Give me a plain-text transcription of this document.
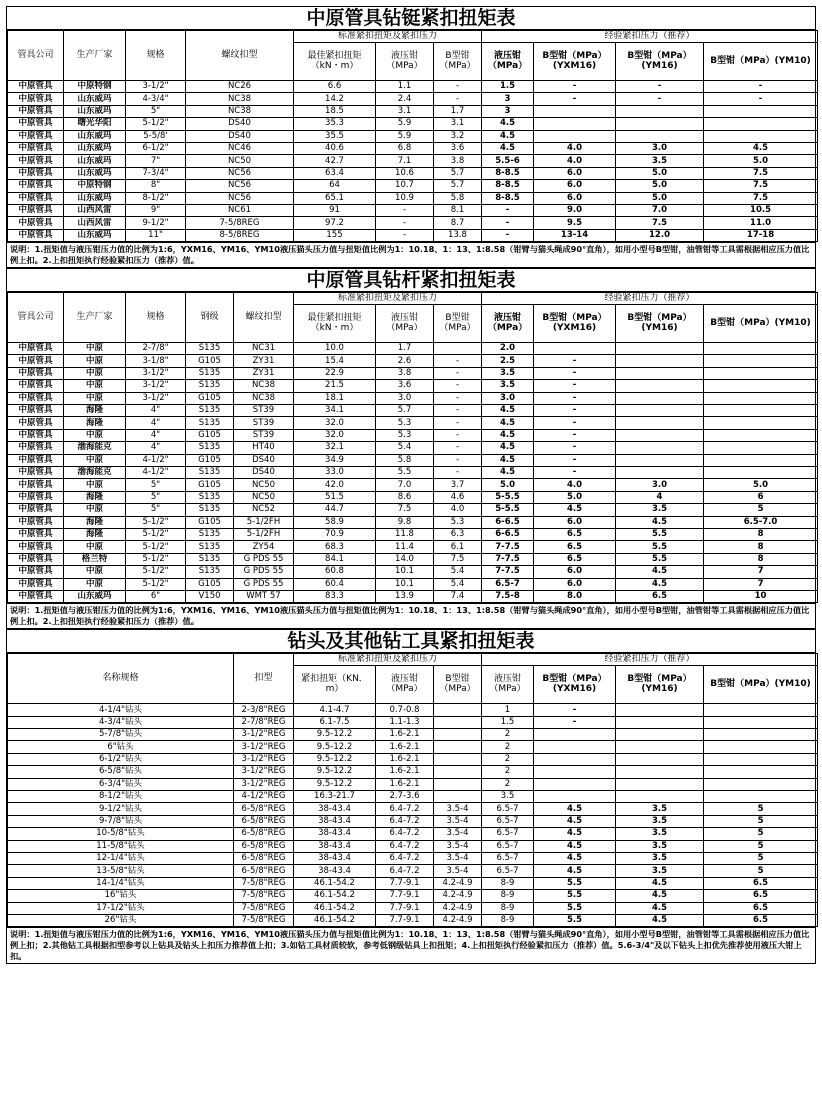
中原管具钻铤紧扣扭矩表
管具公司	生产厂家	规格	螺纹扣型	标准紧扣扭矩及紧扣压力			经验紧扣压力（推荐）			
				最佳紧扣扭矩（kN・m）	液压钳（MPa）	B型钳（MPa）	液压钳（MPa）	B型钳（MPa）(YXM16)	B型钳（MPa）(YM16)	B型钳（MPa）(YM10)
中原管具	中原特钢	3-1/2"	NC26	6.6	1.1	-	1.5	-	-	-
中原管具	山东威玛	4-3/4"	NC38	14.2	2.4	-	3	-	-	-
中原管具	山东威玛	5"	NC38	18.5	3.1	1.7	3			
中原管具	曙光华阳	5-1/2"	DS40	35.3	5.9	3.1	4.5			
中原管具	山东威玛	5-5/8'	DS40	35.5	5.9	3.2	4.5			
中原管具	山东威玛	6-1/2"	NC46	40.6	6.8	3.6	4.5	4.0	3.0	4.5
中原管具	山东威玛	7"	NC50	42.7	7.1	3.8	5.5-6	4.0	3.5	5.0
中原管具	山东威玛	7-3/4"	NC56	63.4	10.6	5.7	8-8.5	6.0	5.0	7.5
中原管具	中原特钢	8"	NC56	64	10.7	5.7	8-8.5	6.0	5.0	7.5
中原管具	山东威玛	8-1/2"	NC56	65.1	10.9	5.8	8-8.5	6.0	5.0	7.5
中原管具	山西风雷	9"	NC61	91	-	8.1	-	9.0	7.0	10.5
中原管具	山西风雷	9-1/2"	7-5/8REG	97.2	-	8.7	-	9.5	7.5	11.0
中原管具	山东威玛	11"	8-5/8REG	155	-	13.8	-	13-14	12.0	17-18
说明：1.扭矩值与液压钳压力值的比例为1:6，YXM16、YM16、YM10液压猫头压力值与扭矩值比例为1：10.18、1：13、1:8.58（钳臂与猫头绳成90°直角），如用小型号B型钳，油管钳等工具需根据相应压力值比例上扣。2.上扣扭矩执行经验紧扣压力（推荐）值。
中原管具钻杆紧扣扭矩表
管具公司	生产厂家	规格	钢级	螺纹扣型	标准紧扣扭矩及紧扣压力			经验紧扣压力（推荐）			
					最佳紧扣扭矩（kN・m）	液压钳（MPa）	B型钳（MPa）	液压钳（MPa）	B型钳（MPa）(YXM16)	B型钳（MPa）(YM16)	B型钳（MPa）(YM10)
中原管具	中原	2-7/8"	S135	NC31	10.0	1.7		2.0			
中原管具	中原	3-1/8"	G105	ZY31	15.4	2.6	-	2.5	-		
中原管具	中原	3-1/2"	S135	ZY31	22.9	3.8	-	3.5	-		
中原管具	中原	3-1/2"	S135	NC38	21.5	3.6	-	3.5	-		
中原管具	中原	3-1/2"	G105	NC38	18.1	3.0	-	3.0	-		
中原管具	海隆	4"	S135	ST39	34.1	5.7	-	4.5	-		
中原管具	海隆	4"	S135	ST39	32.0	5.3	-	4.5	-		
中原管具	中原	4"	G105	ST39	32.0	5.3	-	4.5	-		
中原管具	渤海能克	4"	S135	HT40	32.1	5.4	-	4.5	-		
中原管具	中原	4-1/2"	G105	DS40	34.9	5.8	-	4.5	-		
中原管具	渤海能克	4-1/2"	S135	DS40	33.0	5.5	-	4.5	-		
中原管具	中原	5"	G105	NC50	42.0	7.0	3.7	5.0	4.0	3.0	5.0
中原管具	海隆	5"	S135	NC50	51.5	8.6	4.6	5-5.5	5.0	4	6
中原管具	中原	5"	S135	NC52	44.7	7.5	4.0	5-5.5	4.5	3.5	5
中原管具	海隆	5-1/2"	G105	5-1/2FH	58.9	9.8	5.3	6-6.5	6.0	4.5	6.5-7.0
中原管具	海隆	5-1/2"	S135	5-1/2FH	70.9	11.8	6.3	6-6.5	6.5	5.5	8
中原管具	中原	5-1/2"	S135	ZY54	68.3	11.4	6.1	7-7.5	6.5	5.5	8
中原管具	格兰特	5-1/2"	S135	G PDS 55	84.1	14.0	7.5	7-7.5	6.5	5.5	8
中原管具	中原	5-1/2"	S135	G PDS 55	60.8	10.1	5.4	7-7.5	6.0	4.5	7
中原管具	中原	5-1/2"	G105	G PDS 55	60.4	10.1	5.4	6.5-7	6.0	4.5	7
中原管具	山东威玛	6"	V150	WMT 57	83.3	13.9	7.4	7.5-8	8.0	6.5	10
说明：1.扭矩值与液压钳压力值的比例为1:6，YXM16、YM16、YM10液压猫头压力值与扭矩值比例为1：10.18、1：13、1:8.58（钳臂与猫头绳成90°直角），如用小型号B型钳，油管钳等工具需根据相应压力值比例上扣。2.上扣扭矩执行经验紧扣压力（推荐）值。
钻头及其他钻工具紧扣扭矩表
名称规格	扣型	标准紧扣扭矩及紧扣压力			经验紧扣压力（推荐）			
		紧扣扭矩（KN．m）	液压钳（MPa）	B型钳（MPa）	液压钳（MPa）	B型钳（MPa）(YXM16)	B型钳（MPa）(YM16)	B型钳（MPa）(YM10)
4-1/4"钻头	2-3/8"REG	4.1-4.7	0.7-0.8		1	-		
4-3/4"钻头	2-7/8"REG	6.1-7.5	1.1-1.3		1.5	-		
5-7/8"钻头	3-1/2"REG	9.5-12.2	1.6-2.1		2			
6"钻头	3-1/2"REG	9.5-12.2	1.6-2.1		2			
6-1/2"钻头	3-1/2"REG	9.5-12.2	1.6-2.1		2			
6-5/8"钻头	3-1/2"REG	9.5-12.2	1.6-2.1		2			
6-3/4"钻头	3-1/2"REG	9.5-12.2	1.6-2.1		2			
8-1/2"钻头	4-1/2"REG	16.3-21.7	2.7-3.6		3.5			
9-1/2"钻头	6-5/8"REG	38-43.4	6.4-7.2	3.5-4	6.5-7	4.5	3.5	5
9-7/8"钻头	6-5/8"REG	38-43.4	6.4-7.2	3.5-4	6.5-7	4.5	3.5	5
10-5/8"钻头	6-5/8"REG	38-43.4	6.4-7.2	3.5-4	6.5-7	4.5	3.5	5
11-5/8"钻头	6-5/8"REG	38-43.4	6.4-7.2	3.5-4	6.5-7	4.5	3.5	5
12-1/4"钻头	6-5/8"REG	38-43.4	6.4-7.2	3.5-4	6.5-7	4.5	3.5	5
13-5/8"钻头	6-5/8"REG	38-43.4	6.4-7.2	3.5-4	6.5-7	4.5	3.5	5
14-1/4"钻头	7-5/8"REG	46.1-54.2	7.7-9.1	4.2-4.9	8-9	5.5	4.5	6.5
16"钻头	7-5/8"REG	46.1-54.2	7.7-9.1	4.2-4.9	8-9	5.5	4.5	6.5
17-1/2"钻头	7-5/8"REG	46.1-54.2	7.7-9.1	4.2-4.9	8-9	5.5	4.5	6.5
26"钻头	7-5/8"REG	46.1-54.2	7.7-9.1	4.2-4.9	8-9	5.5	4.5	6.5
说明：1.扭矩值与液压钳压力值的比例为1:6，YXM16、YM16、YM10液压猫头压力值与扭矩值比例为1：10.18、1：13、1:8.58（钳臂与猫头绳成90°直角），如用小型号B型钳，油管钳等工具需根据相应压力值比例上扣；2.其他钻工具根据扣型参考以上钻具及钻头上扣压力推荐值上扣；3.如钻工具材质较软，参考低钢级钻具上扣扭矩；4.上扣扭矩执行经验紧扣压力（推荐）值。5.6-3/4"及以下钻头上扣优先推荐使用液压大钳上扣。
